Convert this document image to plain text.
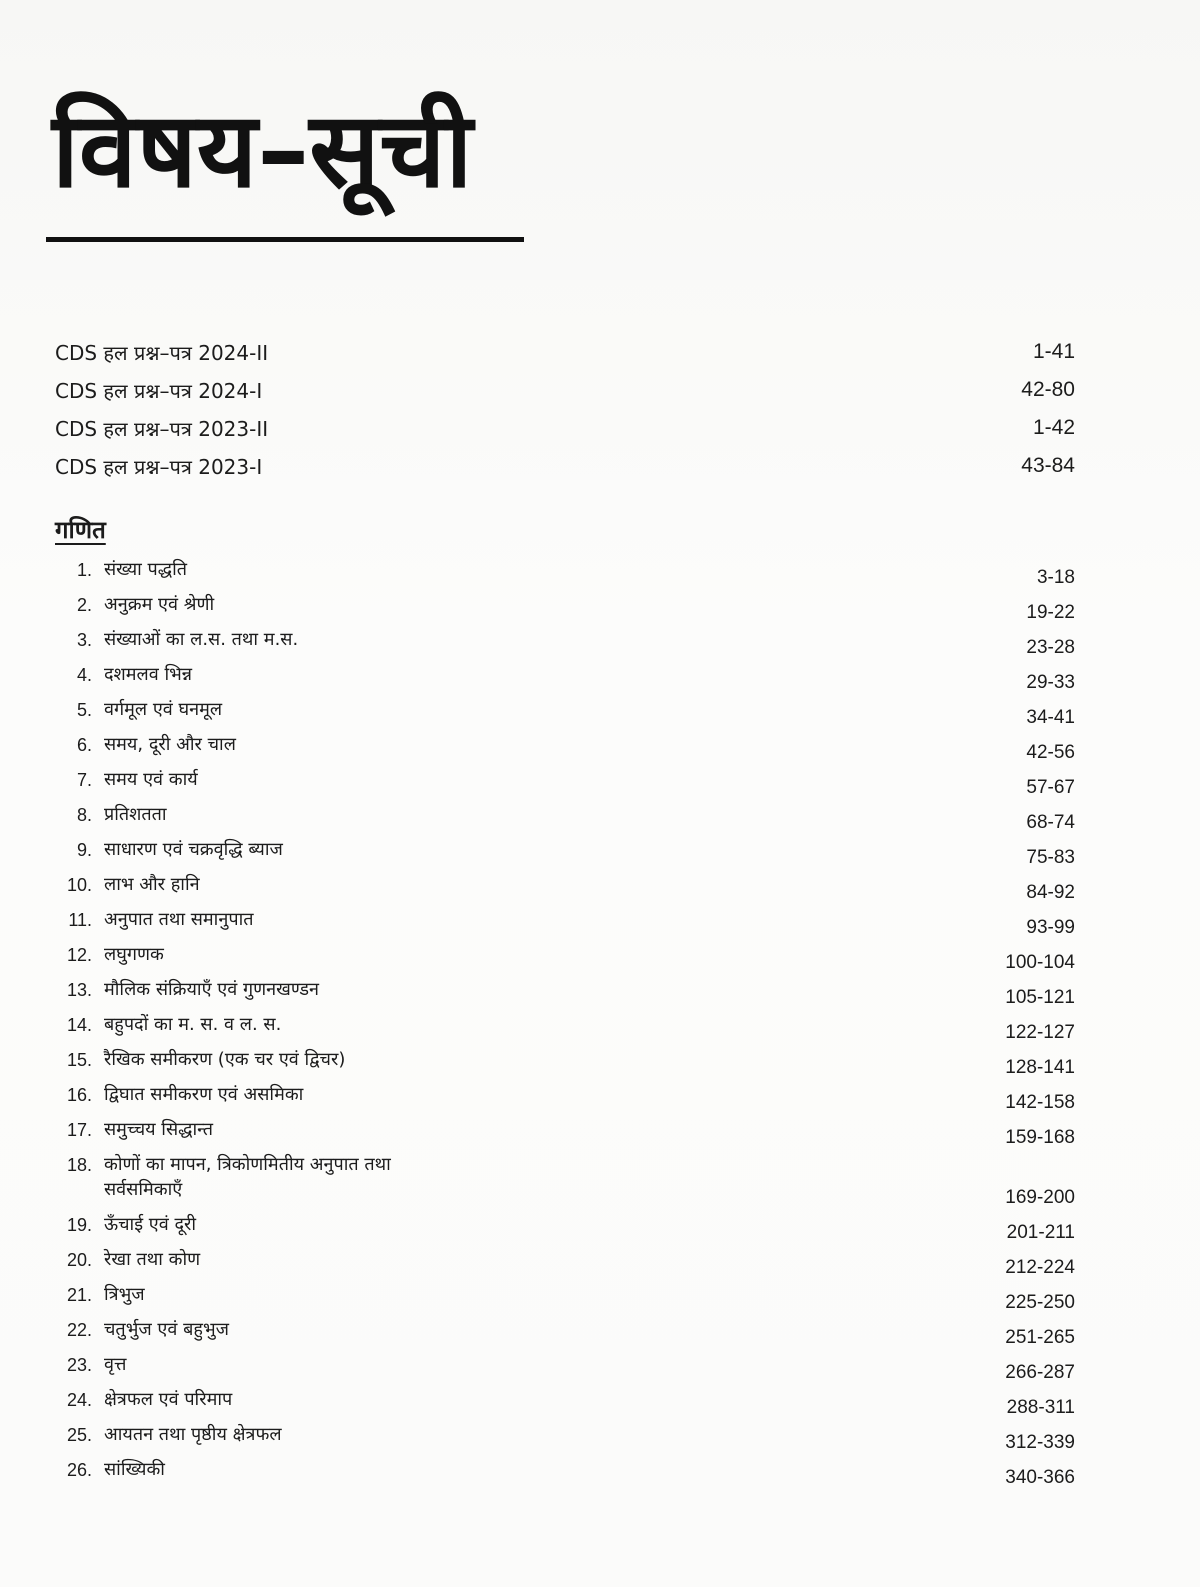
विषय–सूची
CDS हल प्रश्न–पत्र 2024-II	1-41
CDS हल प्रश्न–पत्र 2024-I	42-80
CDS हल प्रश्न–पत्र 2023-II	1-42
CDS हल प्रश्न–पत्र 2023-I	43-84
गणित
1. संख्या पद्धति	3-18
2. अनुक्रम एवं श्रेणी	19-22
3. संख्याओं का ल.स. तथा म.स.	23-28
4. दशमलव भिन्न	29-33
5. वर्गमूल एवं घनमूल	34-41
6. समय, दूरी और चाल	42-56
7. समय एवं कार्य	57-67
8. प्रतिशतता	68-74
9. साधारण एवं चक्रवृद्धि ब्याज	75-83
10. लाभ और हानि	84-92
11. अनुपात तथा समानुपात	93-99
12. लघुगणक	100-104
13. मौलिक संक्रियाएँ एवं गुणनखण्डन	105-121
14. बहुपदों का म. स. व ल. स.	122-127
15. रैखिक समीकरण (एक चर एवं द्विचर)	128-141
16. द्विघात समीकरण एवं असमिका	142-158
17. समुच्चय सिद्धान्त	159-168
18. कोणों का मापन, त्रिकोणमितीय अनुपात तथा सर्वसमिकाएँ	169-200
19. ऊँचाई एवं दूरी	201-211
20. रेखा तथा कोण	212-224
21. त्रिभुज	225-250
22. चतुर्भुज एवं बहुभुज	251-265
23. वृत्त	266-287
24. क्षेत्रफल एवं परिमाप	288-311
25. आयतन तथा पृष्ठीय क्षेत्रफल	312-339
26. सांख्यिकी	340-366
